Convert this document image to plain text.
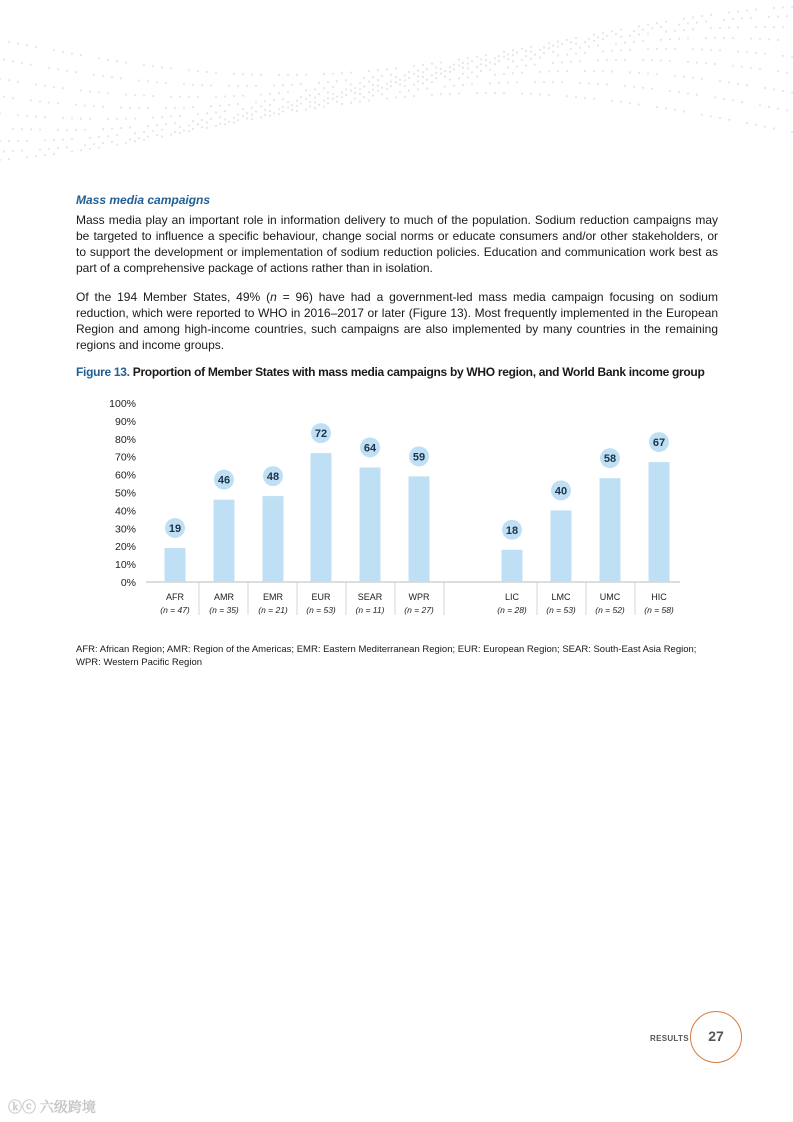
Mass media campaigns
Mass media play an important role in information delivery to much of the population. Sodium reduction campaigns may be targeted to influence a specific behaviour, change social norms or educate consumers and/or other stakeholders, or to support the development or implementation of sodium reduction policies. Education and communication work best as part of a comprehensive package of actions rather than in isolation.
Of the 194 Member States, 49% (n = 96) have had a government-led mass media campaign focusing on sodium reduction, which were reported to WHO in 2016–2017 or later (Figure 13). Most frequently implemented in the European Region and among high-income countries, such campaigns are also implemented by many countries in the remaining regions and income groups.
Figure 13. Proportion of Member States with mass media campaigns by WHO region, and World Bank income group
0%
10%
20%
30%
40%
50%
60%
70%
80%
90%
100%
19
AFR
(n = 47)
46
AMR
(n = 35)
48
EMR
(n = 21)
72
EUR
(n = 53)
64
SEAR
(n = 11)
59
WPR
(n = 27)
18
LIC
(n = 28)
40
LMC
(n = 53)
58
UMC
(n = 52)
67
HIC
(n = 58)
AFR: African Region; AMR: Region of the Americas; EMR: Eastern Mediterranean Region; EUR: European Region; SEAR: South-East Asia Region; WPR: Western Pacific Region
RESULTS	27
ⓚⓒ 六级跨境
